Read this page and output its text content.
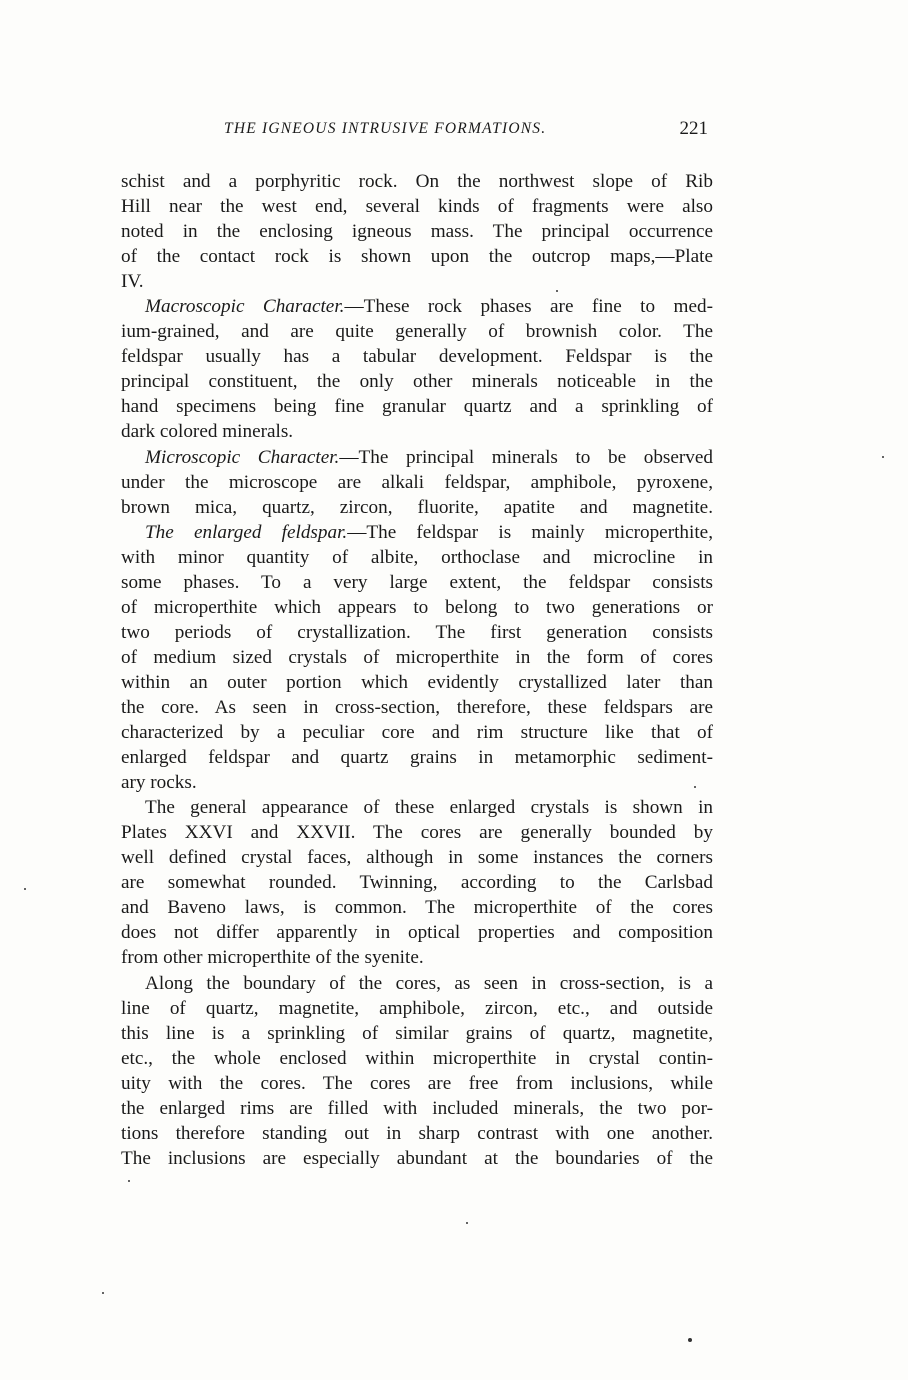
THE IGNEOUS INTRUSIVE FORMATIONS.	221
schist and a porphyritic rock. On the northwest slope of Rib
Hill near the west end, several kinds of fragments were also
noted in the enclosing igneous mass. The principal occurrence
of the contact rock is shown upon the outcrop maps,—Plate
IV.
Macroscopic Character.—These rock phases are fine to med-
ium-grained, and are quite generally of brownish color. The
feldspar usually has a tabular development. Feldspar is the
principal constituent, the only other minerals noticeable in the
hand specimens being fine granular quartz and a sprinkling of
dark colored minerals.
Microscopic Character.—The principal minerals to be observed
under the microscope are alkali feldspar, amphibole, pyroxene,
brown mica, quartz, zircon, fluorite, apatite and magnetite.
The enlarged feldspar.—The feldspar is mainly microperthite,
with minor quantity of albite, orthoclase and microcline in
some phases. To a very large extent, the feldspar consists
of microperthite which appears to belong to two generations or
two periods of crystallization. The first generation consists
of medium sized crystals of microperthite in the form of cores
within an outer portion which evidently crystallized later than
the core. As seen in cross-section, therefore, these feldspars are
characterized by a peculiar core and rim structure like that of
enlarged feldspar and quartz grains in metamorphic sediment-
ary rocks.
The general appearance of these enlarged crystals is shown in
Plates XXVI and XXVII. The cores are generally bounded by
well defined crystal faces, although in some instances the corners
are somewhat rounded. Twinning, according to the Carlsbad
and Baveno laws, is common. The microperthite of the cores
does not differ apparently in optical properties and composition
from other microperthite of the syenite.
Along the boundary of the cores, as seen in cross-section, is a
line of quartz, magnetite, amphibole, zircon, etc., and outside
this line is a sprinkling of similar grains of quartz, magnetite,
etc., the whole enclosed within microperthite in crystal contin-
uity with the cores. The cores are free from inclusions, while
the enlarged rims are filled with included minerals, the two por-
tions therefore standing out in sharp contrast with one another.
The inclusions are especially abundant at the boundaries of the
